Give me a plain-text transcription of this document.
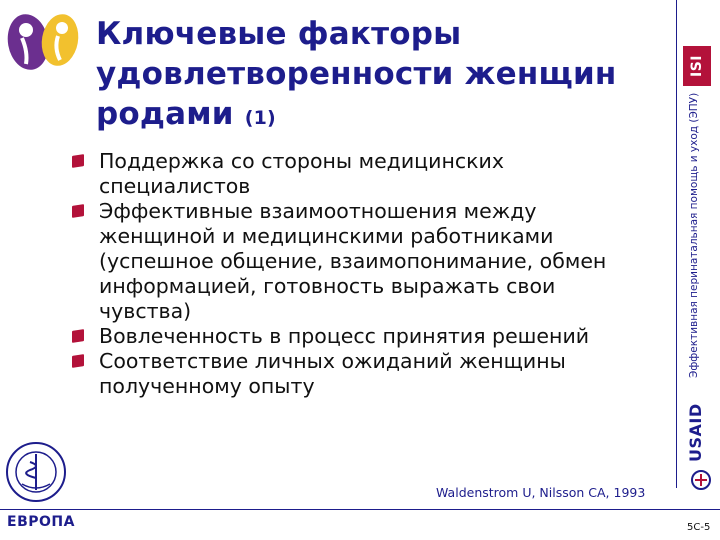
Ключевые факторы
удовлетворенности женщин
родами (1)
Поддержка со стороны медицинских специалистов
Эффективные взаимоотношения между женщиной и медицинскими работниками (успешное общение, взаимопонимание, обмен информацией, готовность выражать свои чувства)
Вовлеченность в процесс принятия решений
Соответствие личных ожиданий женщины полученному опыту
Waldenstrom U, Nilsson CA, 1993
ISI
Эффективная перинатальная помощь и уход (ЭПУ)
USAID
ЕВРОПА	5C-5
